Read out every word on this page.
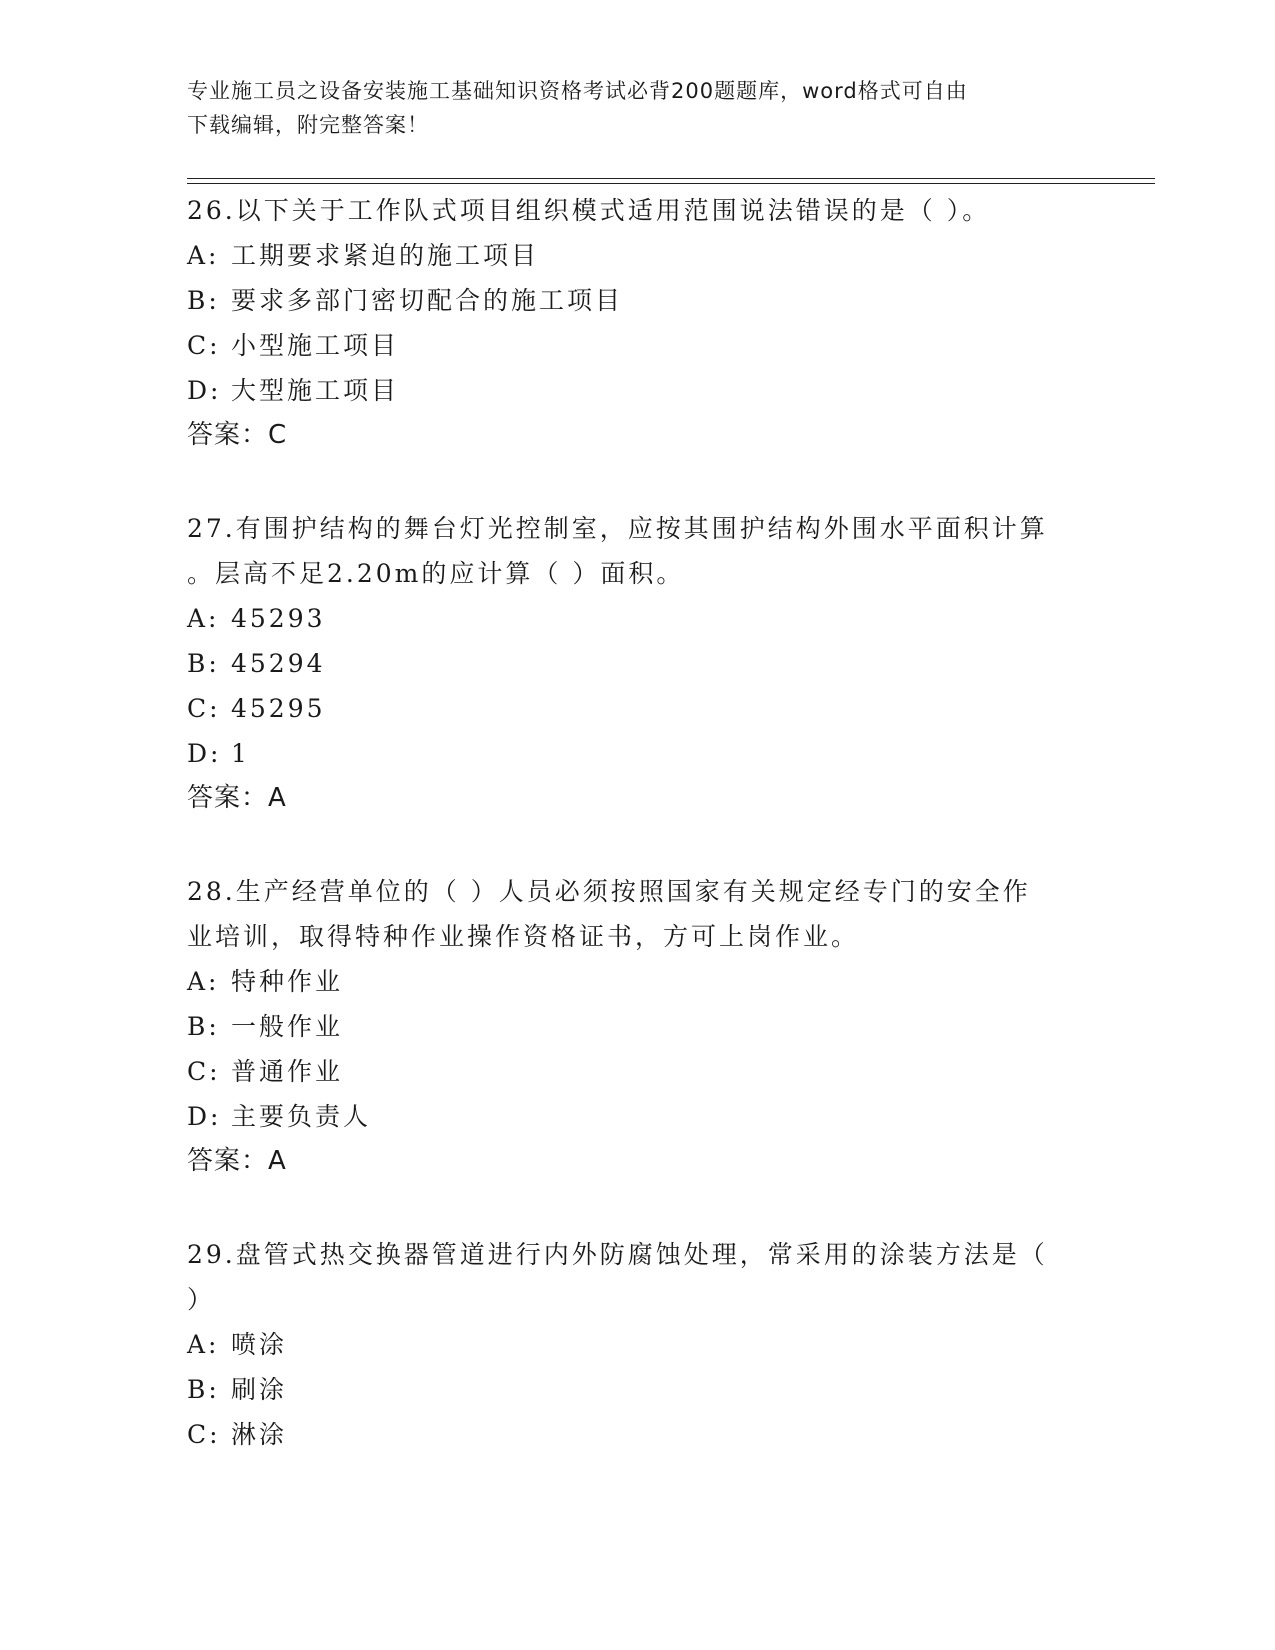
专业施工员之设备安装施工基础知识资格考试必背200题题库，word格式可自由
下载编辑，附完整答案！
26.以下关于工作队式项目组织模式适用范围说法错误的是（ ）。
A: 工期要求紧迫的施工项目
B: 要求多部门密切配合的施工项目
C: 小型施工项目
D: 大型施工项目
答案：C
27.有围护结构的舞台灯光控制室，应按其围护结构外围水平面积计算
。层高不足2.20m的应计算（ ）面积。
A: 45293
B: 45294
C: 45295
D: 1
答案：A
28.生产经营单位的（ ）人员必须按照国家有关规定经专门的安全作
业培训，取得特种作业操作资格证书，方可上岗作业。
A: 特种作业
B: 一般作业
C: 普通作业
D: 主要负责人
答案：A
29.盘管式热交换器管道进行内外防腐蚀处理，常采用的涂装方法是（
）
A: 喷涂
B: 刷涂
C: 淋涂
